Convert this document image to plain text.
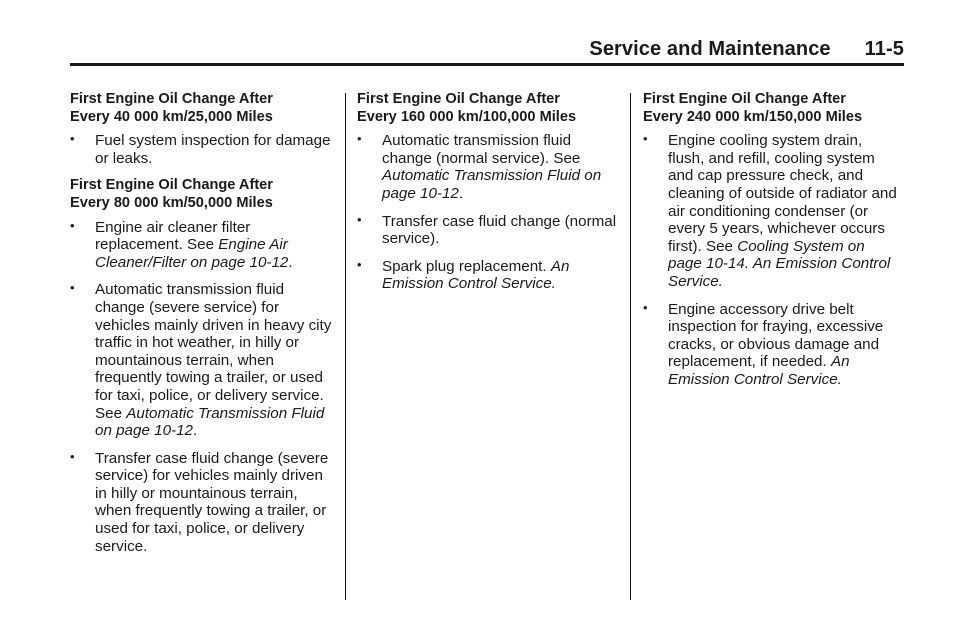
Service and Maintenance 11-5
First Engine Oil Change After
Every 40 000 km/25,000 Miles
• Fuel system inspection for damage or leaks.
First Engine Oil Change After
Every 80 000 km/50,000 Miles
• Engine air cleaner filter replacement. See Engine Air Cleaner/Filter on page 10-12.
• Automatic transmission fluid change (severe service) for vehicles mainly driven in heavy city traffic in hot weather, in hilly or mountainous terrain, when frequently towing a trailer, or used for taxi, police, or delivery service. See Automatic Transmission Fluid on page 10-12.
• Transfer case fluid change (severe service) for vehicles mainly driven in hilly or mountainous terrain, when frequently towing a trailer, or used for taxi, police, or delivery service.
First Engine Oil Change After
Every 160 000 km/100,000 Miles
• Automatic transmission fluid change (normal service). See Automatic Transmission Fluid on page 10-12.
• Transfer case fluid change (normal service).
• Spark plug replacement. An Emission Control Service.
First Engine Oil Change After
Every 240 000 km/150,000 Miles
• Engine cooling system drain, flush, and refill, cooling system and cap pressure check, and cleaning of outside of radiator and air conditioning condenser (or every 5 years, whichever occurs first). See Cooling System on page 10-14. An Emission Control Service.
• Engine accessory drive belt inspection for fraying, excessive cracks, or obvious damage and replacement, if needed. An Emission Control Service.
